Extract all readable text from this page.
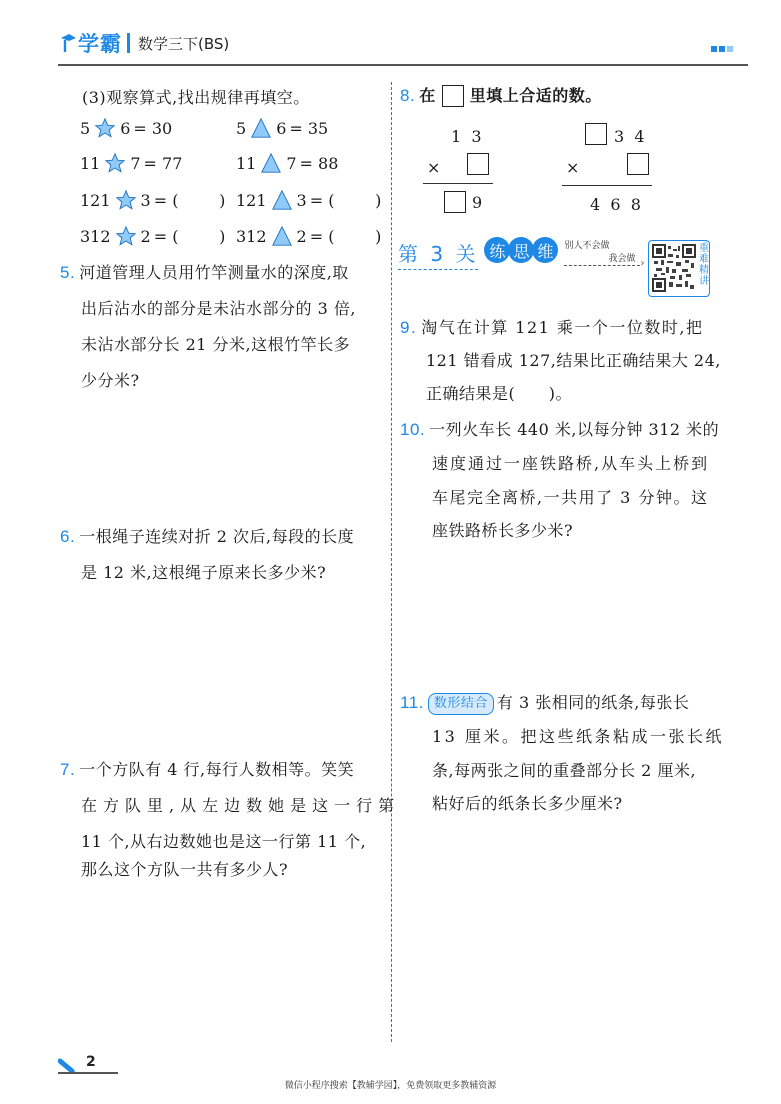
学霸 数学三下(BS)
(3)观察算式,找出规律再填空。
5 6 = 30	5 6 = 35
11 7 = 77	11 7 = 88
121 3 = (        ) 121 3 = (        )
312 2 = (        ) 312 2 = (        )
5. 河道管理人员用竹竿测量水的深度,取
出后沾水的部分是未沾水部分的 3 倍,
未沾水部分长 21 分米,这根竹竿长多
少分米?
6. 一根绳子连续对折 2 次后,每段的长度
是 12 米,这根绳子原来长多少米?
7. 一个方队有 4 行,每行人数相等。笑笑
在方队里,从左边数她是这一行第
11 个,从右边数她也是这一行第 11 个,
那么这个方队一共有多少人?
8. 在 里填上合适的数。
1  3
×
9
3  4
×
4  6  8
第 3 关 练 思 维	别人不会做
我会做 ›
重
难
精
讲
9. 淘气在计算 121 乘一个一位数时,把
121 错看成 127,结果比正确结果大 24,
正确结果是(      )。
10. 一列火车长 440 米,以每分钟 312 米的
速度通过一座铁路桥,从车头上桥到
车尾完全离桥,一共用了 3 分钟。这
座铁路桥长多少米?
11. 数形结合 有 3 张相同的纸条,每张长
13 厘米。把这些纸条粘成一张长纸
条,每两张之间的重叠部分长 2 厘米,
粘好后的纸条长多少厘米?
2
微信小程序搜索【教辅学园】，免费领取更多教辅资源
